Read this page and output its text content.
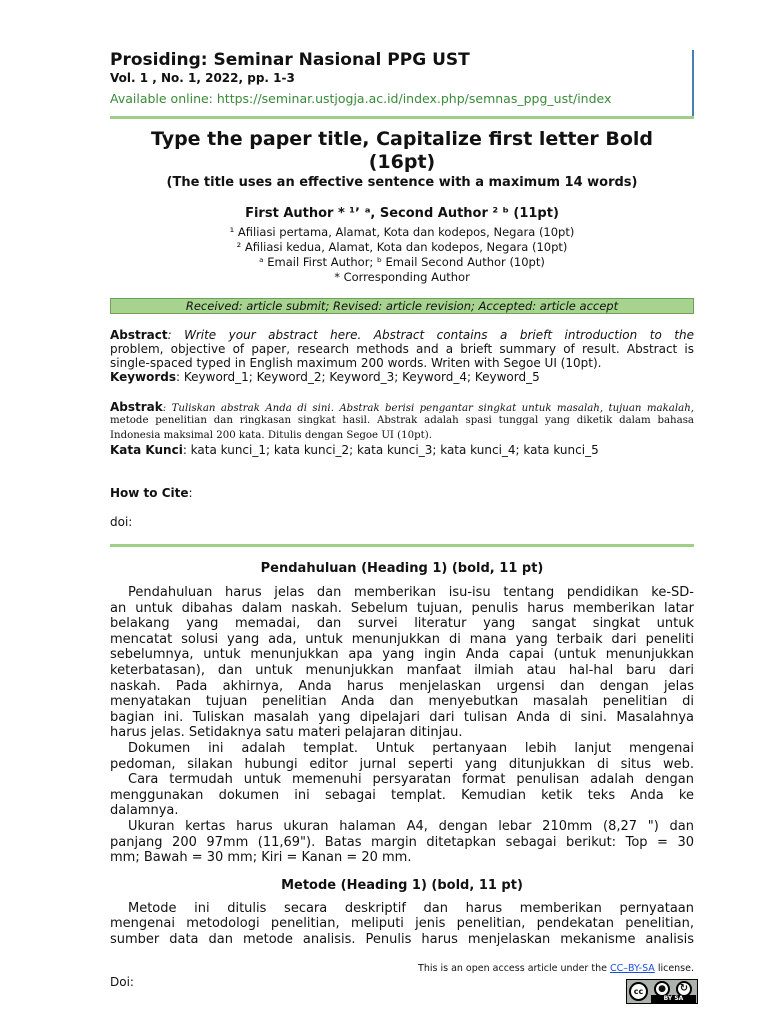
Prosiding: Seminar Nasional PPG UST
Vol. 1 , No. 1, 2022, pp. 1-3
Available online: https://seminar.ustjogja.ac.id/index.php/semnas_ppg_ust/index
Type the paper title, Capitalize first letter Bold
(16pt)
(The title uses an effective sentence with a maximum 14 words)
First Author * ¹ʼ ᵃ, Second Author ² ᵇ (11pt)
¹ Afiliasi pertama, Alamat, Kota dan kodepos, Negara (10pt)
² Afiliasi kedua, Alamat, Kota dan kodepos, Negara (10pt)
ᵃ Email First Author; ᵇ Email Second Author (10pt)
* Corresponding Author
Received: article submit; Revised: article revision; Accepted: article accept
Abstract: Write your abstract here. Abstract contains a brieft introduction to the
problem, objective of paper, research methods and a brieft summary of result. Abstract is
single-spaced typed in English maximum 200 words. Writen with Segoe UI (10pt).
Keywords: Keyword_1; Keyword_2; Keyword_3; Keyword_4; Keyword_5
Abstrak: Tuliskan abstrak Anda di sini. Abstrak berisi pengantar singkat untuk masalah, tujuan makalah,
metode penelitian dan ringkasan singkat hasil. Abstrak adalah spasi tunggal yang diketik dalam bahasa
Indonesia maksimal 200 kata. Ditulis dengan Segoe UI (10pt).
Kata Kunci: kata kunci_1; kata kunci_2; kata kunci_3; kata kunci_4; kata kunci_5
How to Cite:
doi:
Pendahuluan (Heading 1) (bold, 11 pt)
Pendahuluan harus jelas dan memberikan isu-isu tentang pendidikan ke-SD-
an untuk dibahas dalam naskah. Sebelum tujuan, penulis harus memberikan latar
belakang yang memadai, dan survei literatur yang sangat singkat untuk
mencatat solusi yang ada, untuk menunjukkan di mana yang terbaik dari peneliti
sebelumnya, untuk menunjukkan apa yang ingin Anda capai (untuk menunjukkan
keterbatasan), dan untuk menunjukkan manfaat ilmiah atau hal-hal baru dari
naskah. Pada akhirnya, Anda harus menjelaskan urgensi dan dengan jelas
menyatakan tujuan penelitian Anda dan menyebutkan masalah penelitian di
bagian ini. Tuliskan masalah yang dipelajari dari tulisan Anda di sini. Masalahnya
harus jelas. Setidaknya satu materi pelajaran ditinjau.
Dokumen ini adalah templat. Untuk pertanyaan lebih lanjut mengenai
pedoman, silakan hubungi editor jurnal seperti yang ditunjukkan di situs web.
Cara termudah untuk memenuhi persyaratan format penulisan adalah dengan
menggunakan dokumen ini sebagai templat. Kemudian ketik teks Anda ke
dalamnya.
Ukuran kertas harus ukuran halaman A4, dengan lebar 210mm (8,27 ") dan
panjang 200 97mm (11,69"). Batas margin ditetapkan sebagai berikut: Top = 30
mm; Bawah = 30 mm; Kiri = Kanan = 20 mm.
Metode (Heading 1) (bold, 11 pt)
Metode ini ditulis secara deskriptif dan harus memberikan pernyataan
mengenai metodologi penelitian, meliputi jenis penelitian, pendekatan penelitian,
sumber data dan metode analisis. Penulis harus menjelaskan mekanisme analisis
This is an open access article under the CC–BY-SA license.
Doi:
cc	●	↻
BY SA
